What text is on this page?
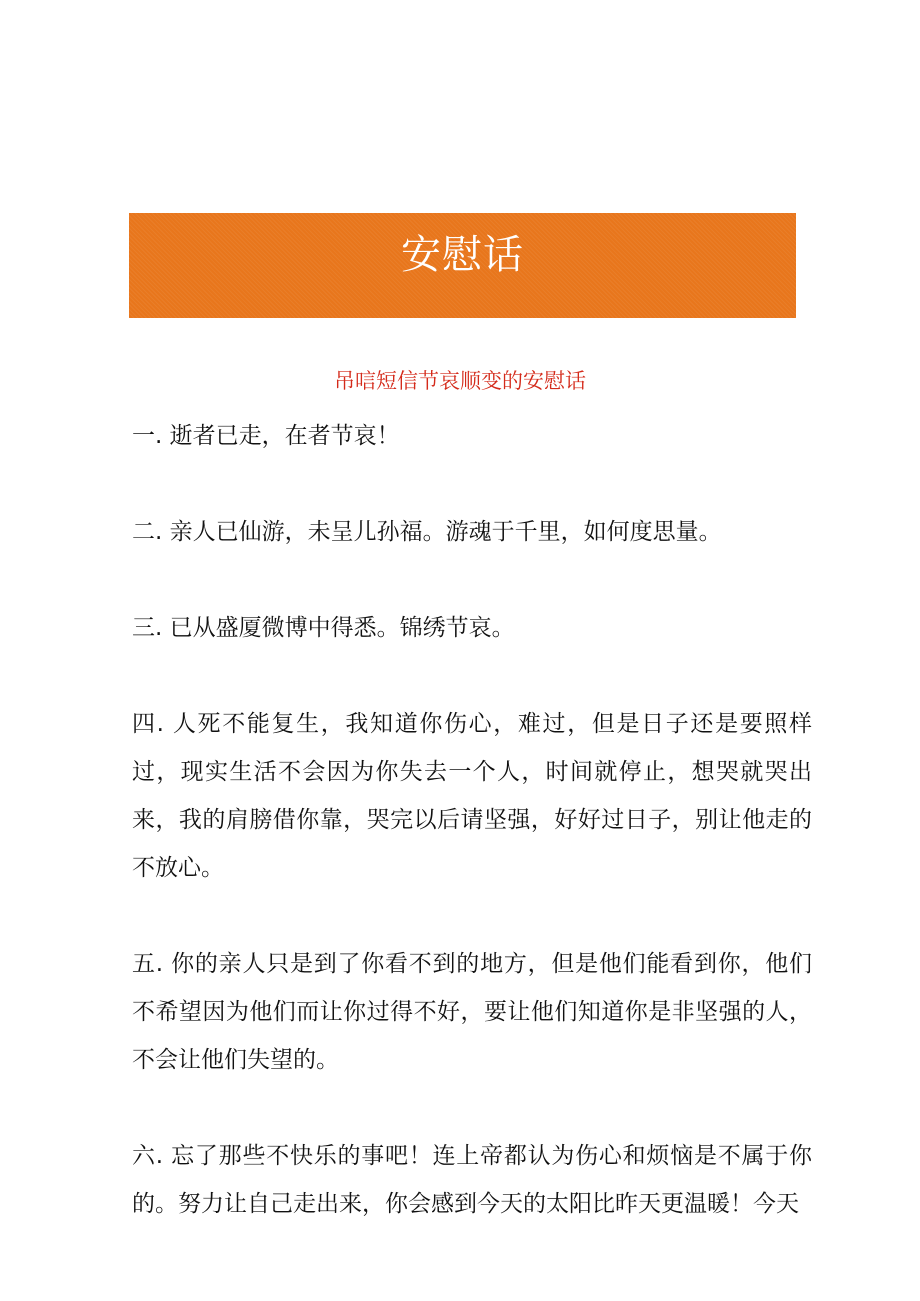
安慰话
吊唁短信节哀顺变的安慰话

一. 逝者已走，在者节哀！

二. 亲人已仙游，未呈儿孙福。游魂于千里，如何度思量。

三. 已从盛厦微博中得悉。锦绣节哀。

四. 人死不能复生，我知道你伤心，难过，但是日子还是要照样过，现实生活不会因为你失去一个人，时间就停止，想哭就哭出来，我的肩膀借你靠，哭完以后请坚强，好好过日子，别让他走的不放心。

五. 你的亲人只是到了你看不到的地方，但是他们能看到你，他们不希望因为他们而让你过得不好，要让他们知道你是非坚强的人，不会让他们失望的。

六. 忘了那些不快乐的事吧！连上帝都认为伤心和烦恼是不属于你的。努力让自己走出来，你会感到今天的太阳比昨天更温暖！今天
